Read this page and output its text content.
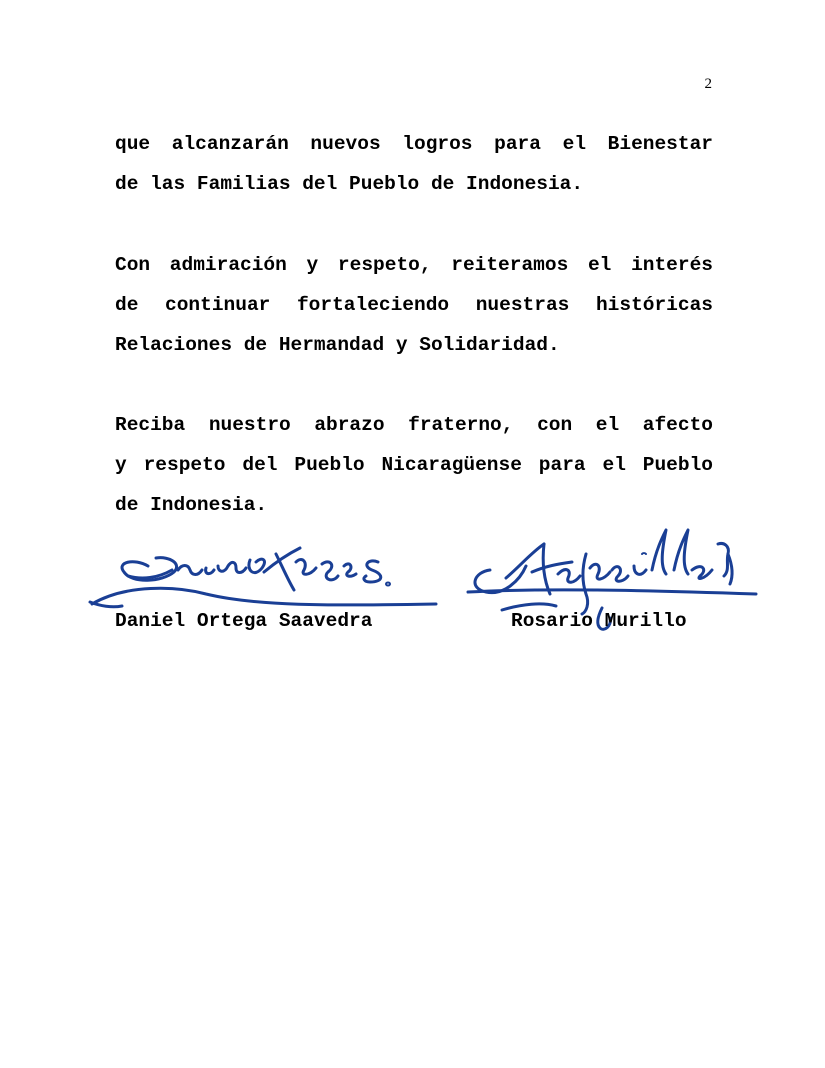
2
que alcanzarán nuevos logros para el Bienestar
de las Familias del Pueblo de Indonesia.
Con admiración y respeto, reiteramos el interés
de continuar fortaleciendo nuestras históricas
Relaciones de Hermandad y Solidaridad.
Reciba nuestro abrazo fraterno, con el afecto
y respeto del Pueblo Nicaragüense para el Pueblo
de Indonesia.
Daniel Ortega Saavedra	Rosario Murillo
